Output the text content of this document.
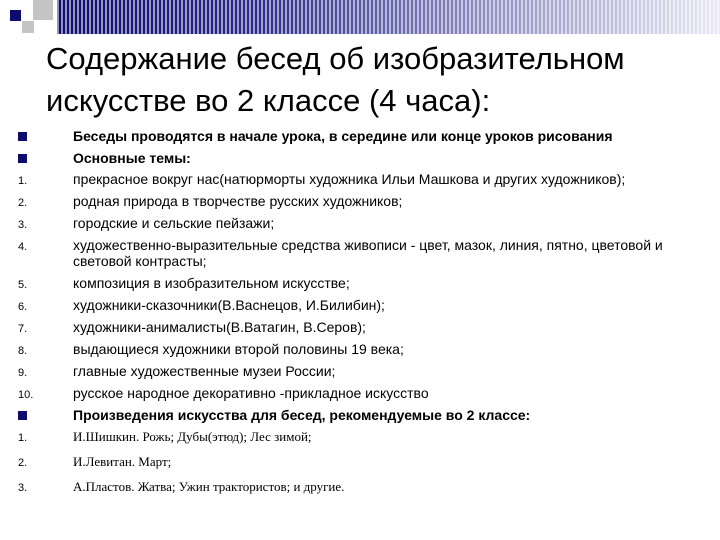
Содержание бесед об изобразительном
искусстве во 2 классе (4 часа):
Беседы проводятся в начале урока, в середине или конце уроков рисования
Основные темы:
1.	прекрасное вокруг нас(натюрморты художника Ильи Машкова и других художников);
2.	родная природа в творчестве русских художников;
3.	городские и сельские пейзажи;
4.	художественно-выразительные средства живописи - цвет, мазок, линия, пятно, цветовой и световой контрасты;
5.	композиция в изобразительном искусстве;
6.	художники-сказочники(В.Васнецов, И.Билибин);
7.	художники-анималисты(В.Ватагин, В.Серов);
8.	выдающиеся художники второй половины 19 века;
9.	главные художественные музеи России;
10.	русское народное декоративно -прикладное искусство
Произведения искусства для бесед, рекомендуемые во 2 классе:
1.	И.Шишкин. Рожь; Дубы(этюд); Лес зимой;
2.	И.Левитан. Март;
3.	А.Пластов. Жатва; Ужин трактористов; и другие.
